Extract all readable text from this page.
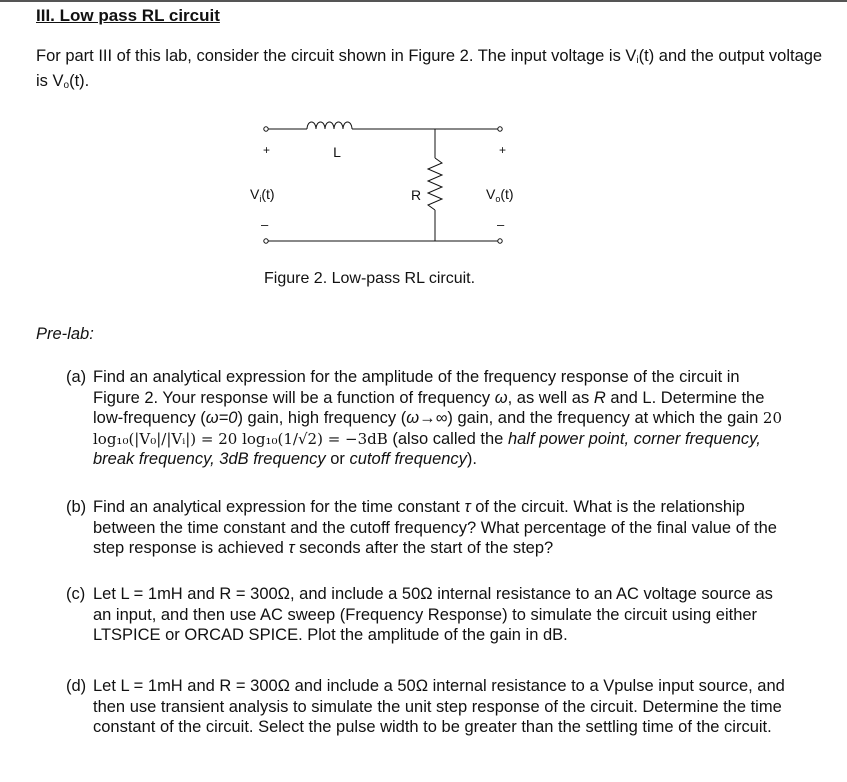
III. Low pass RL circuit
For part III of this lab, consider the circuit shown in Figure 2. The input voltage is $V_i(t)$ and the output voltage is $V_o(t)$.
L
+	+
–	–
R
$V_i(t)$	$V_o(t)$
Figure 2. Low-pass RL circuit.
Pre-lab:
(a) Find an analytical expression for the amplitude of the frequency response of the circuit in Figure 2. Your response will be a function of frequency ω, as well as R and L. Determine the low-frequency (ω=0) gain, high frequency (ω→∞) gain, and the frequency at which the gain 20 log₁₀(|V₀|/|Vᵢ|) = 20 log₁₀(1/√2) = −3dB (also called the half power point, corner frequency, break frequency, 3dB frequency or cutoff frequency).
(b) Find an analytical expression for the time constant τ of the circuit. What is the relationship between the time constant and the cutoff frequency? What percentage of the final value of the step response is achieved τ seconds after the start of the step?
(c) Let L = 1mH and R = 300Ω, and include a 50Ω internal resistance to an AC voltage source as an input, and then use AC sweep (Frequency Response) to simulate the circuit using either LTSPICE or ORCAD SPICE. Plot the amplitude of the gain in dB.
(d) Let L = 1mH and R = 300Ω and include a 50Ω internal resistance to a Vpulse input source, and then use transient analysis to simulate the unit step response of the circuit. Determine the time constant of the circuit. Select the pulse width to be greater than the settling time of the circuit.
